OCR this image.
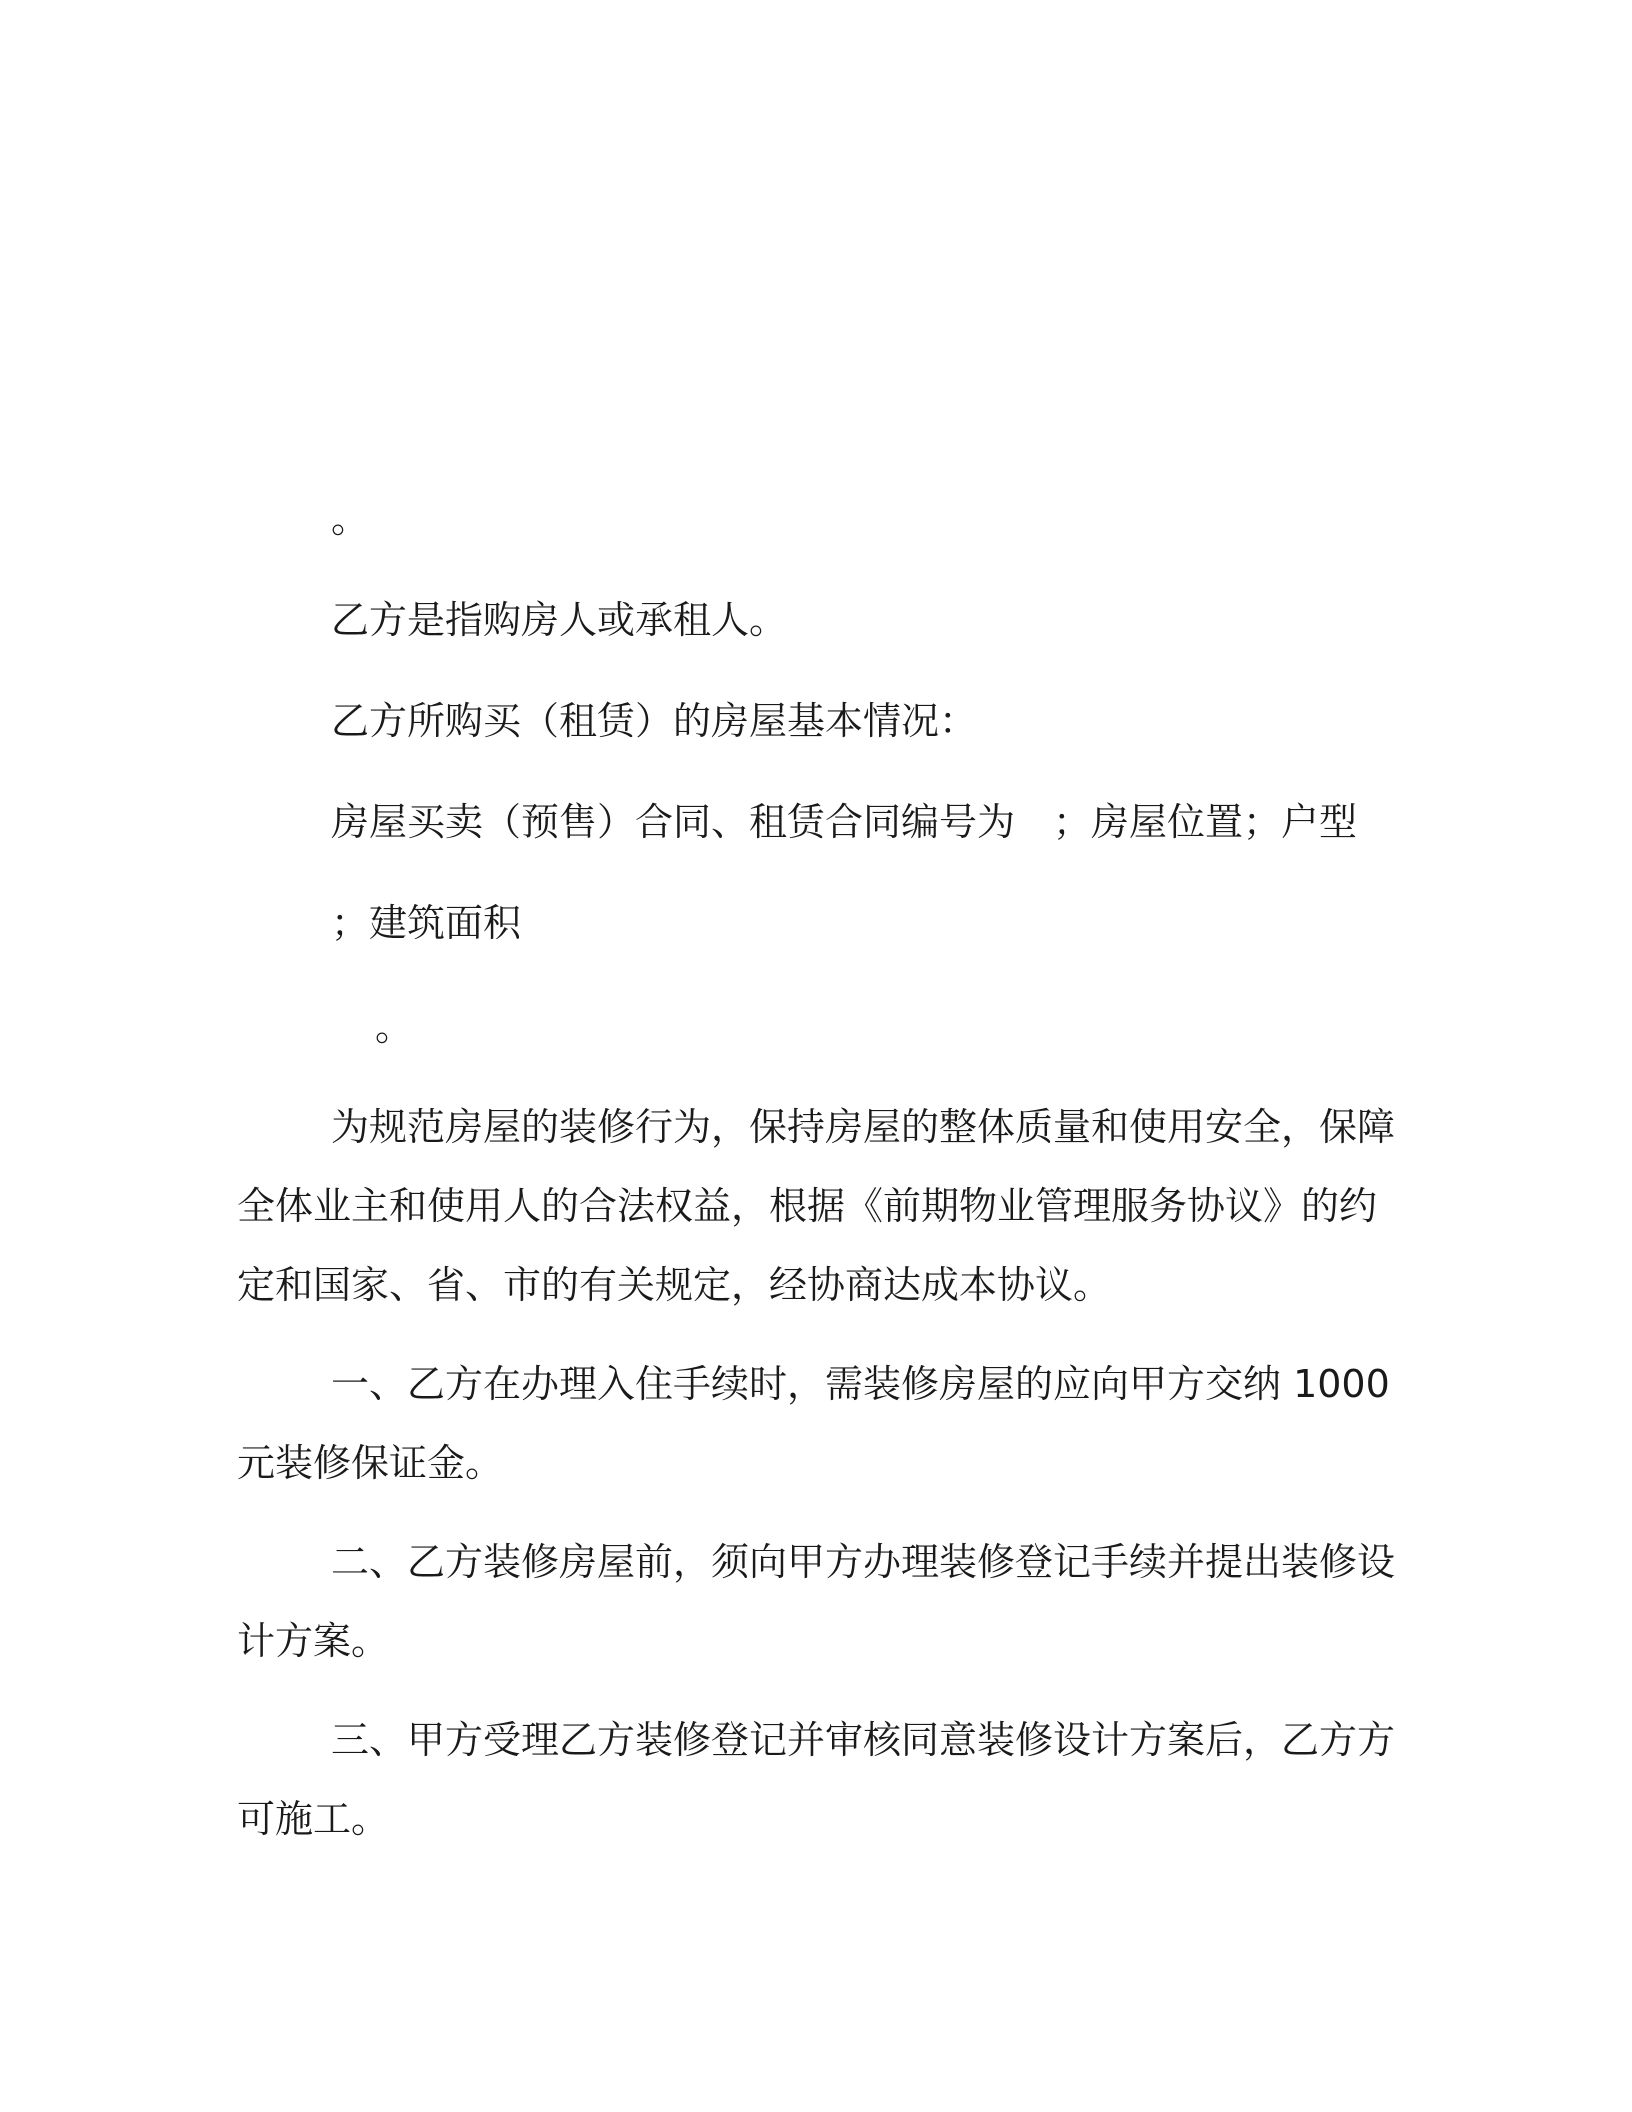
。
乙方是指购房人或承租人。
乙方所购买（租赁）的房屋基本情况：
房屋买卖（预售）合同、租赁合同编号为　；房屋位置；户型
；建筑面积
。
为规范房屋的装修行为，保持房屋的整体质量和使用安全，保障
全体业主和使用人的合法权益，根据《前期物业管理服务协议》的约
定和国家、省、市的有关规定，经协商达成本协议。
一、乙方在办理入住手续时，需装修房屋的应向甲方交纳 1000
元装修保证金。
二、乙方装修房屋前，须向甲方办理装修登记手续并提出装修设
计方案。
三、甲方受理乙方装修登记并审核同意装修设计方案后，乙方方
可施工。
